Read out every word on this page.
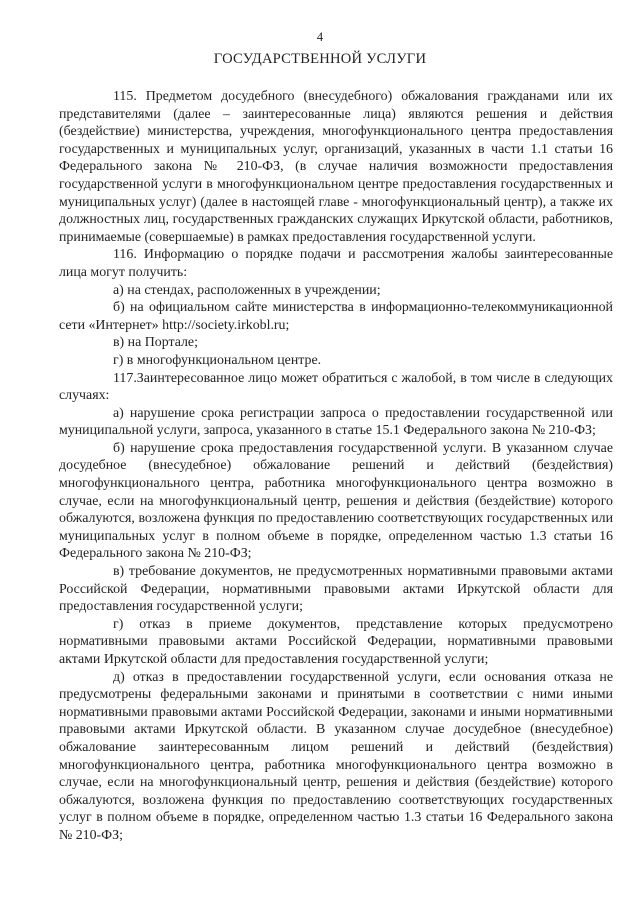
4
ГОСУДАРСТВЕННОЙ УСЛУГИ

115. Предметом досудебного (внесудебного) обжалования гражданами или их представителями (далее – заинтересованные лица) являются решения и действия (бездействие) министерства, учреждения, многофункционального центра предоставления государственных и муниципальных услуг, организаций, указанных в части 1.1 статьи 16 Федерального закона № 210-ФЗ, (в случае наличия возможности предоставления государственной услуги в многофункциональном центре предоставления государственных и муниципальных услуг) (далее в настоящей главе - многофункциональный центр), а также их должностных лиц, государственных гражданских служащих Иркутской области, работников, принимаемые (совершаемые) в рамках предоставления государственной услуги.

116. Информацию о порядке подачи и рассмотрения жалобы заинтересованные лица могут получить:

а) на стендах, расположенных в учреждении;

б) на официальном сайте министерства в информационно-телекоммуникационной сети «Интернет» http://society.irkobl.ru;

в) на Портале;

г) в многофункциональном центре.

117.Заинтересованное лицо может обратиться с жалобой, в том числе в следующих случаях:

а) нарушение срока регистрации запроса о предоставлении государственной или муниципальной услуги, запроса, указанного в статье 15.1 Федерального закона № 210-ФЗ;

б) нарушение срока предоставления государственной услуги. В указанном случае досудебное (внесудебное) обжалование решений и действий (бездействия) многофункционального центра, работника многофункционального центра возможно в случае, если на многофункциональный центр, решения и действия (бездействие) которого обжалуются, возложена функция по предоставлению соответствующих государственных или муниципальных услуг в полном объеме в порядке, определенном частью 1.3 статьи 16 Федерального закона № 210-ФЗ;

в) требование документов, не предусмотренных нормативными правовыми актами Российской Федерации, нормативными правовыми актами Иркутской области для предоставления государственной услуги;

г) отказ в приеме документов, представление которых предусмотрено нормативными правовыми актами Российской Федерации, нормативными правовыми актами Иркутской области для предоставления государственной услуги;

д) отказ в предоставлении государственной услуги, если основания отказа не предусмотрены федеральными законами и принятыми в соответствии с ними иными нормативными правовыми актами Российской Федерации, законами и иными нормативными правовыми актами Иркутской области. В указанном случае досудебное (внесудебное) обжалование заинтересованным лицом решений и действий (бездействия) многофункционального центра, работника многофункционального центра возможно в случае, если на многофункциональный центр, решения и действия (бездействие) которого обжалуются, возложена функция по предоставлению соответствующих государственных услуг в полном объеме в порядке, определенном частью 1.3 статьи 16 Федерального закона № 210-ФЗ;
